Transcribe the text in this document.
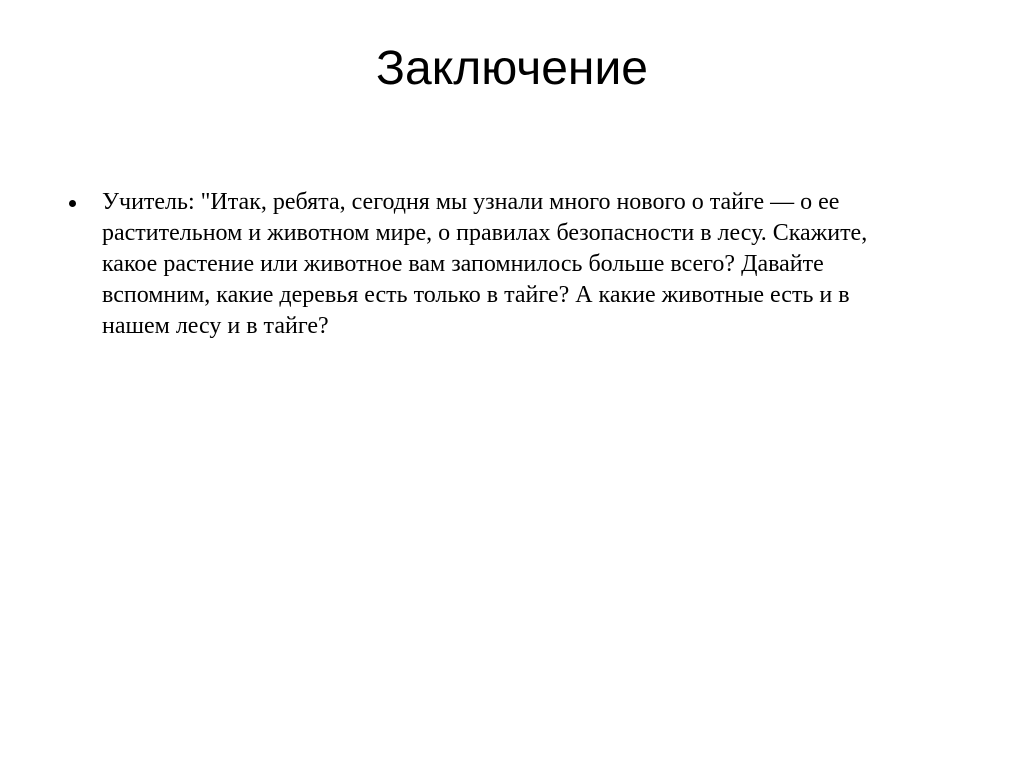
Заключение
Учитель: "Итак, ребята, сегодня мы узнали много нового о тайге — о ее
растительном и животном мире, о правилах безопасности в лесу. Скажите,
какое растение или животное вам запомнилось больше всего? Давайте
вспомним, какие деревья есть только в тайге? А какие животные есть и в
нашем лесу и в тайге?
